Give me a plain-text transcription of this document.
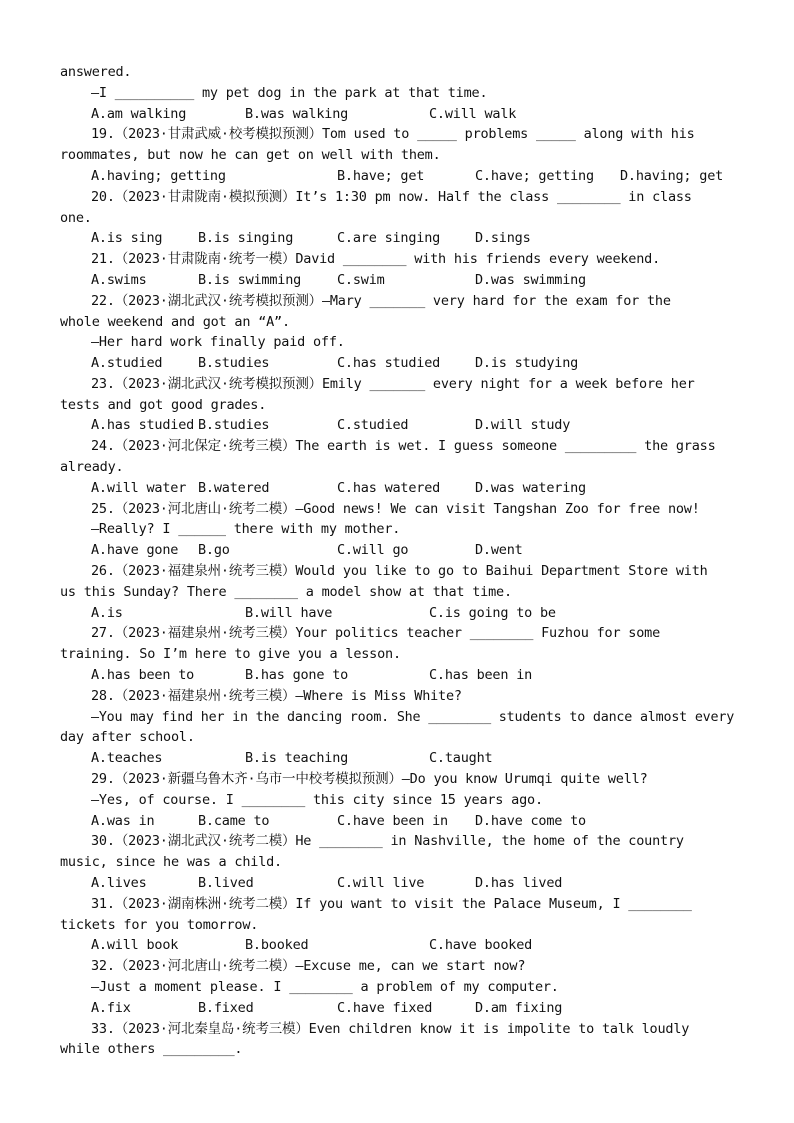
answered.
—I __________ my pet dog in the park at that time.
A.am walking	B.was walking	C.will walk
19.（2023·甘肃武威·校考模拟预测）Tom used to _____ problems _____ along with his
roommates, but now he can get on well with them.
A.having; getting	B.have; get	C.have; getting D.having; get
20.（2023·甘肃陇南·模拟预测）It’s 1:30 pm now. Half the class ________ in class
one.
A.is sing	B.is singing	C.are singing	D.sings
21.（2023·甘肃陇南·统考一模）David ________ with his friends every weekend.
A.swims	B.is swimming	C.swim	D.was swimming
22.（2023·湖北武汉·统考模拟预测）—Mary _______ very hard for the exam for the
whole weekend and got an “A”.
—Her hard work finally paid off.
A.studied	B.studies	C.has studied	D.is studying
23.（2023·湖北武汉·统考模拟预测）Emily _______ every night for a week before her
tests and got good grades.
A.has studied B.studies	C.studied	D.will study
24.（2023·河北保定·统考三模）The earth is wet. I guess someone _________ the grass
already.
A.will water B.watered	C.has watered	D.was watering
25.（2023·河北唐山·统考二模）—Good news! We can visit Tangshan Zoo for free now!
—Really? I ______ there with my mother.
A.have gone B.go	C.will go	D.went
26.（2023·福建泉州·统考三模）Would you like to go to Baihui Department Store with
us this Sunday? There ________ a model show at that time.
A.is	B.will have	C.is going to be
27.（2023·福建泉州·统考三模）Your politics teacher ________ Fuzhou for some
training. So I’m here to give you a lesson.
A.has been to	B.has gone to	C.has been in
28.（2023·福建泉州·统考三模）—Where is Miss White?
—You may find her in the dancing room. She ________ students to dance almost every
day after school.
A.teaches	B.is teaching	C.taught
29.（2023·新疆乌鲁木齐·乌市一中校考模拟预测）—Do you know Urumqi quite well?
—Yes, of course. I ________ this city since 15 years ago.
A.was in	B.came to	C.have been in D.have come to
30.（2023·湖北武汉·统考二模）He ________ in Nashville, the home of the country
music, since he was a child.
A.lives	B.lived	C.will live	D.has lived
31.（2023·湖南株洲·统考二模）If you want to visit the Palace Museum, I ________
tickets for you tomorrow.
A.will book	B.booked	C.have booked
32.（2023·河北唐山·统考二模）—Excuse me, can we start now?
—Just a moment please. I ________ a problem of my computer.
A.fix	B.fixed	C.have fixed	D.am fixing
33.（2023·河北秦皇岛·统考三模）Even children know it is impolite to talk loudly
while others _________.
